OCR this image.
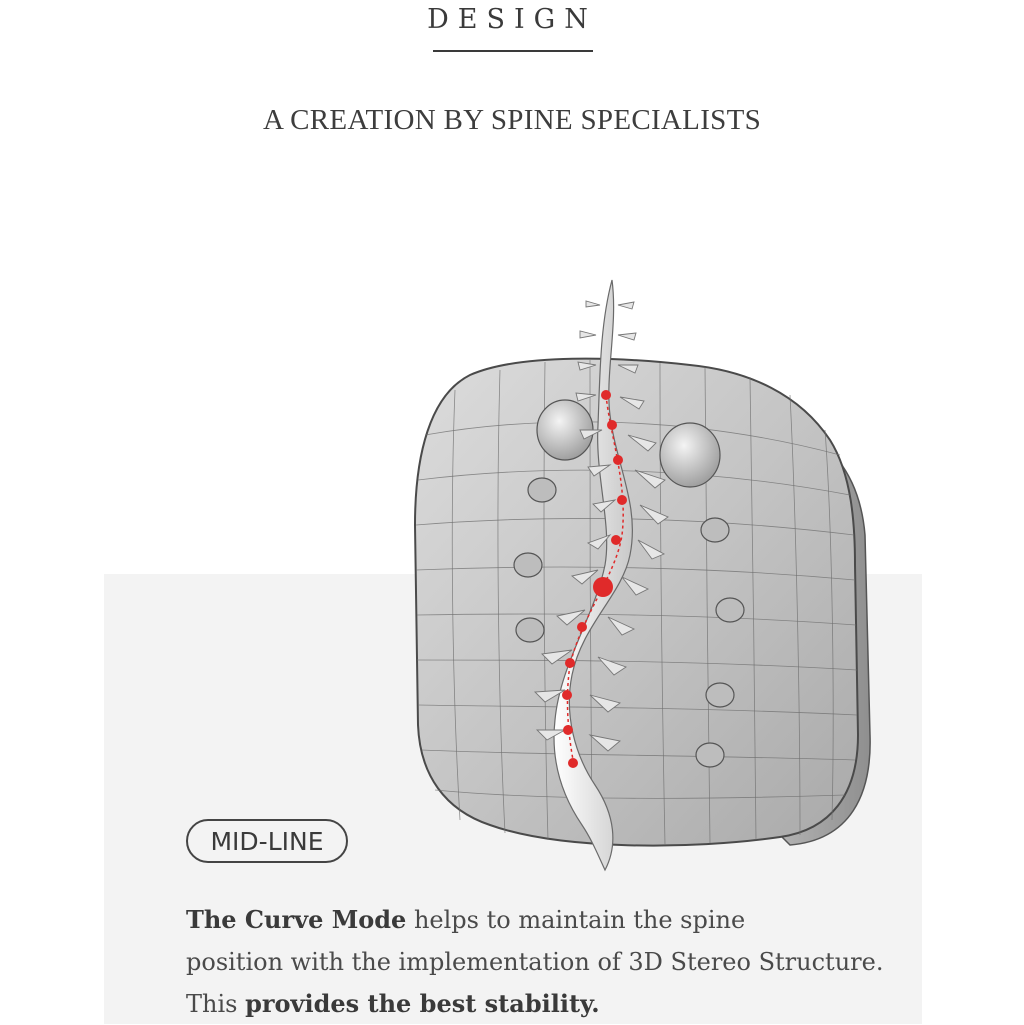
DESIGN
A CREATION BY SPINE SPECIALISTS
MID-LINE
The Curve Mode helps to maintain the spine
position with the implementation of 3D Stereo Structure.
This provides the best stability.
